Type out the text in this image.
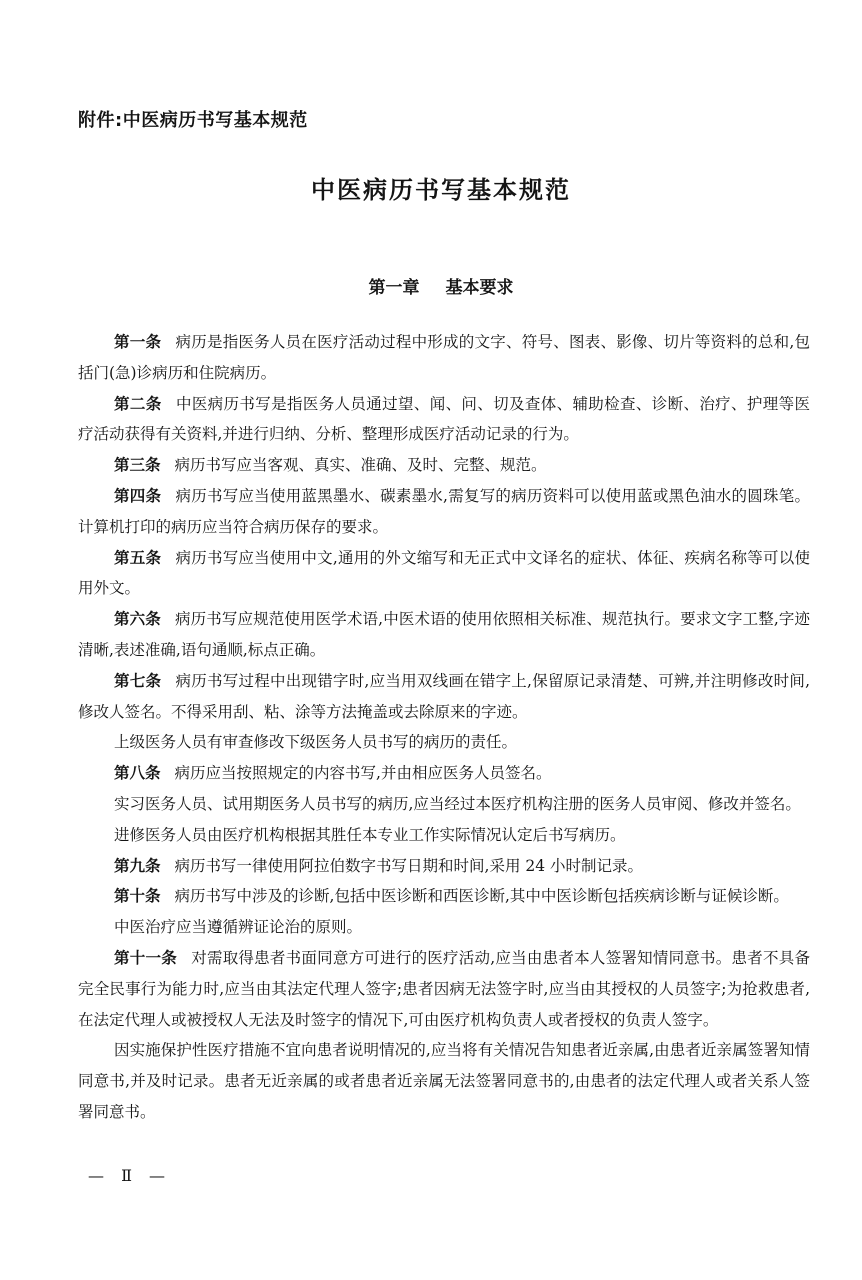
附件:中医病历书写基本规范
中医病历书写基本规范
第一章 基本要求

第一条 病历是指医务人员在医疗活动过程中形成的文字、符号、图表、影像、切片等资料的总和,包括门(急)诊病历和住院病历。

第二条 中医病历书写是指医务人员通过望、闻、问、切及查体、辅助检查、诊断、治疗、护理等医疗活动获得有关资料,并进行归纳、分析、整理形成医疗活动记录的行为。

第三条 病历书写应当客观、真实、准确、及时、完整、规范。

第四条 病历书写应当使用蓝黑墨水、碳素墨水,需复写的病历资料可以使用蓝或黑色油水的圆珠笔。计算机打印的病历应当符合病历保存的要求。

第五条 病历书写应当使用中文,通用的外文缩写和无正式中文译名的症状、体征、疾病名称等可以使用外文。

第六条 病历书写应规范使用医学术语,中医术语的使用依照相关标准、规范执行。要求文字工整,字迹清晰,表述准确,语句通顺,标点正确。

第七条 病历书写过程中出现错字时,应当用双线画在错字上,保留原记录清楚、可辨,并注明修改时间,修改人签名。不得采用刮、粘、涂等方法掩盖或去除原来的字迹。

上级医务人员有审查修改下级医务人员书写的病历的责任。

第八条 病历应当按照规定的内容书写,并由相应医务人员签名。

实习医务人员、试用期医务人员书写的病历,应当经过本医疗机构注册的医务人员审阅、修改并签名。

进修医务人员由医疗机构根据其胜任本专业工作实际情况认定后书写病历。

第九条 病历书写一律使用阿拉伯数字书写日期和时间,采用 24 小时制记录。

第十条 病历书写中涉及的诊断,包括中医诊断和西医诊断,其中中医诊断包括疾病诊断与证候诊断。

中医治疗应当遵循辨证论治的原则。

第十一条 对需取得患者书面同意方可进行的医疗活动,应当由患者本人签署知情同意书。患者不具备完全民事行为能力时,应当由其法定代理人签字;患者因病无法签字时,应当由其授权的人员签字;为抢救患者,在法定代理人或被授权人无法及时签字的情况下,可由医疗机构负责人或者授权的负责人签字。

因实施保护性医疗措施不宜向患者说明情况的,应当将有关情况告知患者近亲属,由患者近亲属签署知情同意书,并及时记录。患者无近亲属的或者患者近亲属无法签署同意书的,由患者的法定代理人或者关系人签署同意书。

— Ⅱ —
